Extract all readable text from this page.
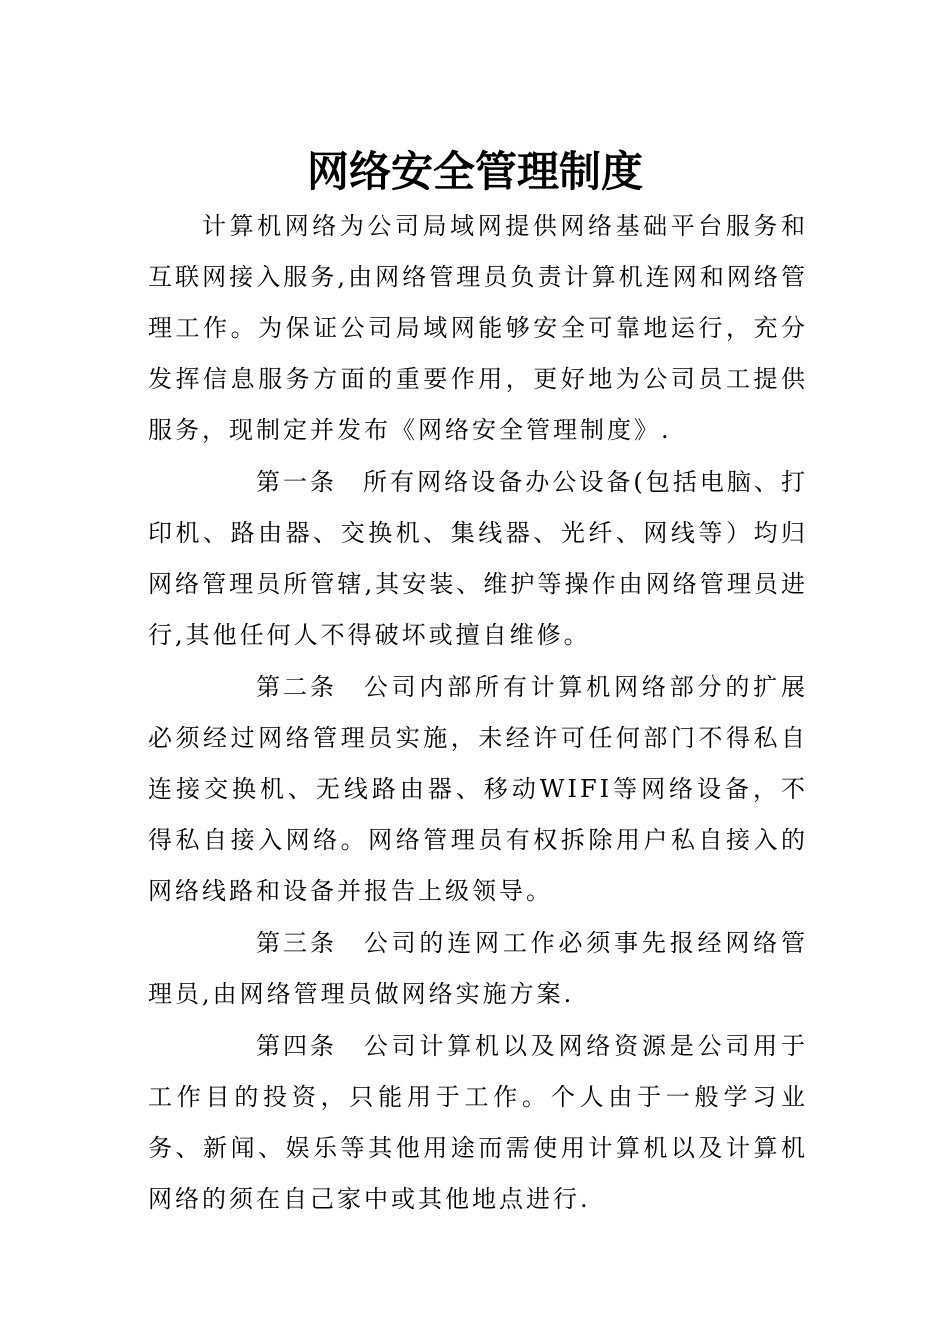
网络安全管理制度

计算机网络为公司局域网提供网络基础平台服务和互联网接入服务,由网络管理员负责计算机连网和网络管理工作。为保证公司局域网能够安全可靠地运行，充分发挥信息服务方面的重要作用，更好地为公司员工提供服务，现制定并发布《网络安全管理制度》.

第一条 所有网络设备办公设备(包括电脑、打印机、路由器、交换机、集线器、光纤、网线等）均归网络管理员所管辖,其安装、维护等操作由网络管理员进行,其他任何人不得破坏或擅自维修。

第二条 公司内部所有计算机网络部分的扩展必须经过网络管理员实施，未经许可任何部门不得私自连接交换机、无线路由器、移动WIFI等网络设备，不得私自接入网络。网络管理员有权拆除用户私自接入的网络线路和设备并报告上级领导。

第三条 公司的连网工作必须事先报经网络管理员,由网络管理员做网络实施方案.

第四条 公司计算机以及网络资源是公司用于工作目的投资，只能用于工作。个人由于一般学习业务、新闻、娱乐等其他用途而需使用计算机以及计算机网络的须在自己家中或其他地点进行.
